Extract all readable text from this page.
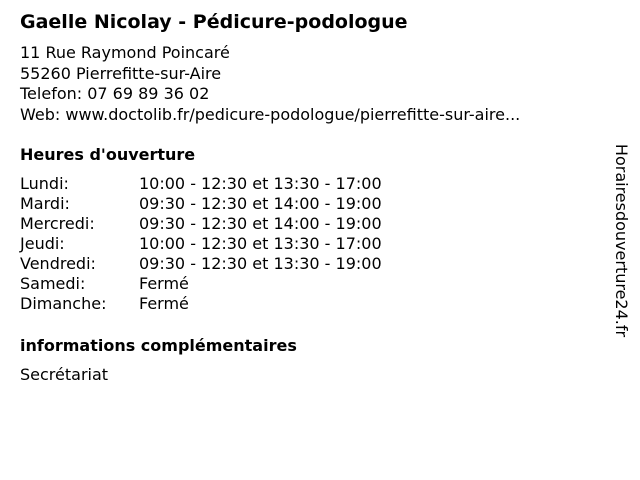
Gaelle Nicolay - Pédicure-podologue
11 Rue Raymond Poincaré
55260 Pierrefitte-sur-Aire
Telefon: 07 69 89 36 02
Web: www.doctolib.fr/pedicure-podologue/pierrefitte-sur-aire...
Heures d'ouverture
Lundi:	10:00 - 12:30 et 13:30 - 17:00
Mardi:	09:30 - 12:30 et 14:00 - 19:00
Mercredi:	09:30 - 12:30 et 14:00 - 19:00
Jeudi:	10:00 - 12:30 et 13:30 - 17:00
Vendredi:	09:30 - 12:30 et 13:30 - 19:00
Samedi:	Fermé
Dimanche:	Fermé
informations complémentaires
Secrétariat
Horairesdouverture24.fr
